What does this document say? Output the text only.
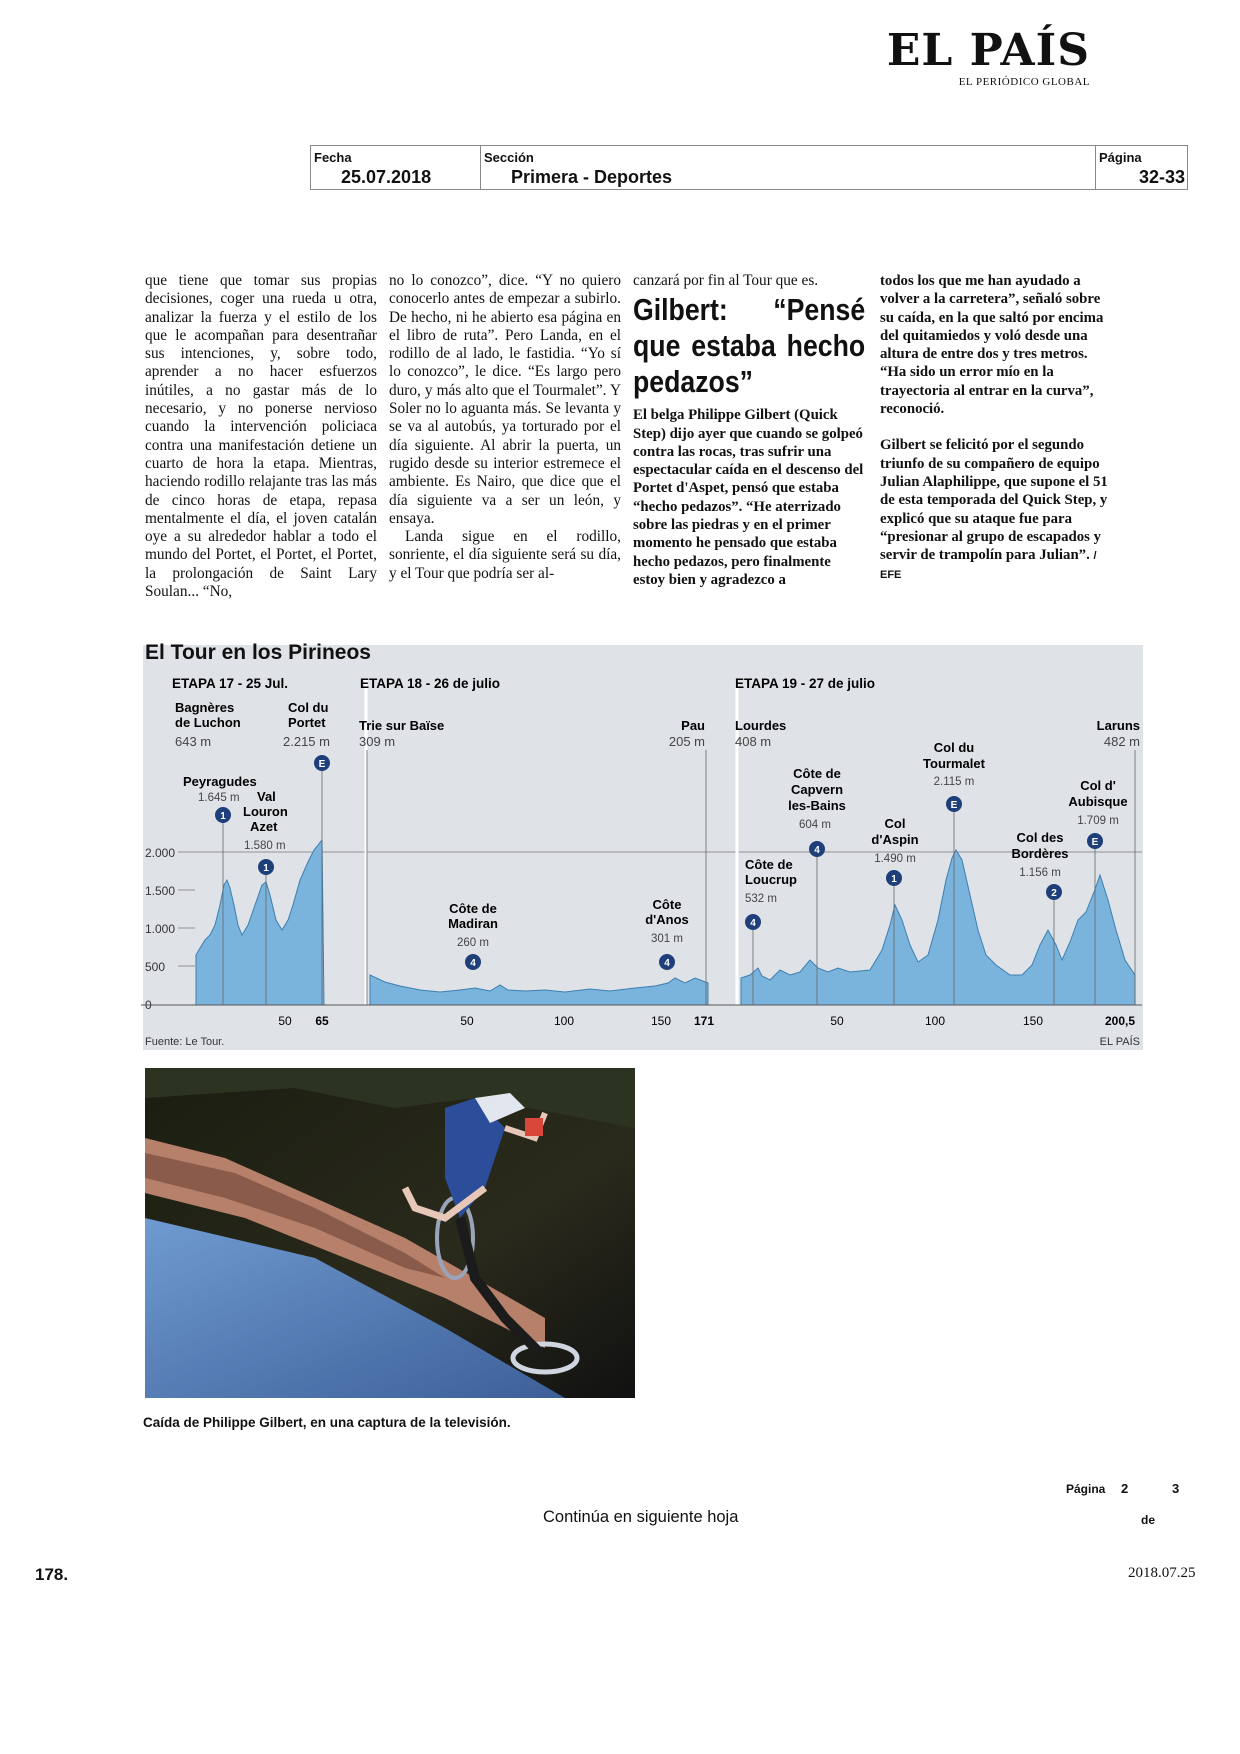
EL PAÍS
EL PERIÓDICO GLOBAL
Fecha
25.07.2018
Sección
Primera - Deportes
Página
32-33

que tiene que tomar sus propias decisiones, coger una rueda u otra, analizar la fuerza y el estilo de los que le acompañan para desentrañar sus intenciones, y, sobre todo, aprender a no hacer esfuerzos inútiles, a no gastar más de lo necesario, y no ponerse nervioso cuando la intervención policiaca contra una manifestación detiene un cuarto de hora la etapa. Mientras, haciendo rodillo relajante tras las más de cinco horas de etapa, repasa mentalmente el día, el joven catalán oye a su alrededor hablar a todo el mundo del Portet, el Portet, el Portet, la prolongación de Saint Lary Soulan... “No,

no lo conozco”, dice. “Y no quiero conocerlo antes de empezar a subirlo. De hecho, ni he abierto esa página en el libro de ruta”. Pero Landa, en el rodillo de al lado, le fastidia. “Yo sí lo conozco”, le dice. “Es largo pero duro, y más alto que el Tourmalet”. Y Soler no lo aguanta más. Se levanta y se va al autobús, ya torturado por el día siguiente. Al abrir la puerta, un rugido desde su interior estremece el ambiente. Es Nairo, que dice que el día siguiente va a ser un león, y ensaya.

Landa sigue en el rodillo, sonriente, el día siguiente será su día, y el Tour que podría ser al-

canzará por fin al Tour que es.

Gilbert: “Pensé que estaba hecho pedazos”
El belga Philippe Gilbert (Quick Step) dijo ayer que cuando se golpeó contra las rocas, tras sufrir una espectacular caída en el descenso del Portet d'Aspet, pensó que estaba “hecho pedazos”. “He aterrizado sobre las piedras y en el primer momento he pensado que estaba hecho pedazos, pero finalmente estoy bien y agradezco a

todos los que me han ayudado a volver a la carretera”, señaló sobre su caída, en la que saltó por encima del quitamiedos y voló desde una altura de entre dos y tres metros. “Ha sido un error mío en la trayectoria al entrar en la curva”, reconoció.

Gilbert se felicitó por el segundo triunfo de su compañero de equipo Julian Alaphilippe, que supone el 51 de esta temporada del Quick Step, y explicó que su ataque fue para “presionar al grupo de escapados y servir de trampolín para Julian”. / EFE

El Tour en los Pirineos
2.000
1.500
1.000
500
0
ETAPA 17 - 25 Jul.
Bagnères
de Luchon
643 m
Col du
Portet
2.215 m
E
Peyragudes
1.645 m
1
Val
Louron
Azet
1.580 m
1
50 65
ETAPA 18 - 26 de julio
Trie sur Baïse
309 m
Pau
205 m
Côte de
Madiran
260 m
4
Côte
d'Anos
301 m
4
50	100	150 171
ETAPA 19 - 27 de julio
Lourdes
408 m
Laruns
482 m
Côte de
Loucrup
532 m
4
Côte de
Capvern
les-Bains
604 m
4
Col
d'Aspin
1.490 m
1
Col du
Tourmalet
2.115 m
E
Col des
Bordères
1.156 m
2
Col d'
Aubisque
1.709 m
E
50	100	150	200,5
Fuente: Le Tour.	EL PAÍS
Caída de Philippe Gilbert, en una captura de la televisión.
Página 2	3
de
Continúa en siguiente hoja
178.	2018.07.25
